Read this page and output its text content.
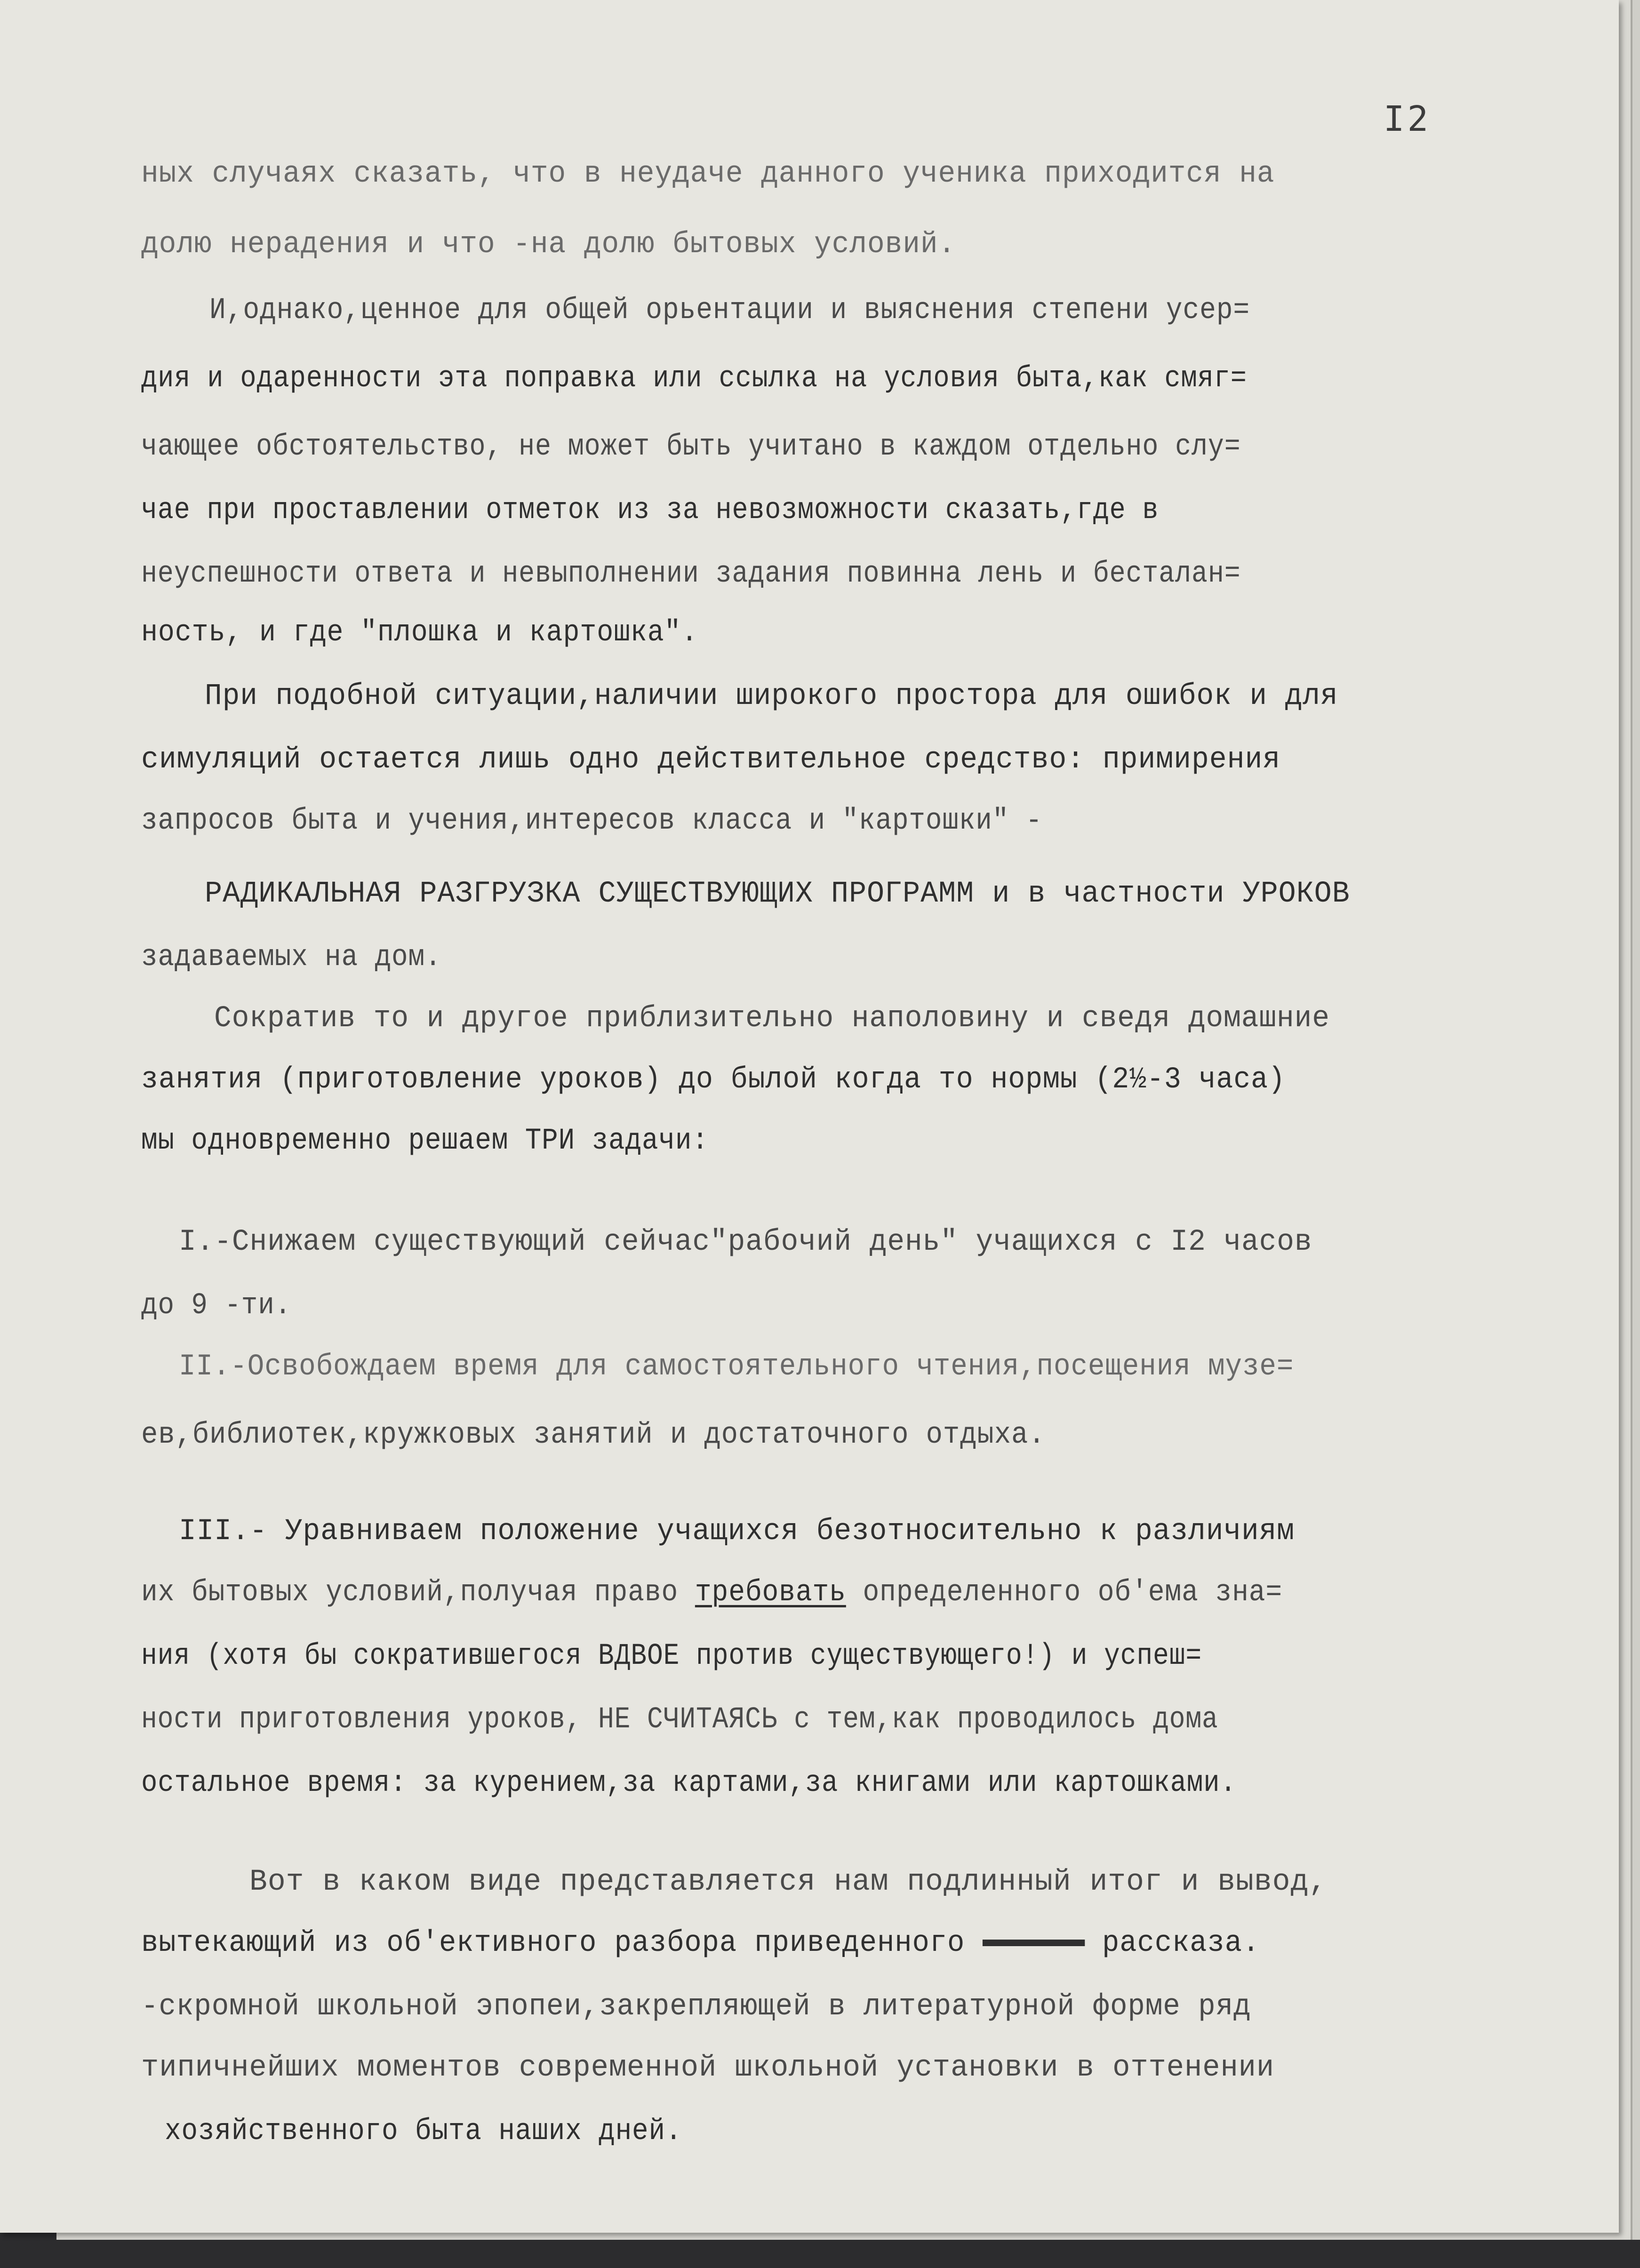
I2
ных случаях сказать, что в неудаче данного ученика приходится на
долю нерадения и что -на долю бытовых условий.
И,однако,ценное для общей орьентации и выяснения степени усер=
дия и одаренности эта поправка или ссылка на условия быта,как смяг=
чающее обстоятельство, не может быть учитано в каждом отдельно слу=
чае при проставлении отметок из за невозможности сказать,где в
неуспешности ответа и невыполнении задания повинна лень и бесталан=
ность, и где "плошка и картошка".
При подобной ситуации,наличии широкого простора для ошибок и для
симуляций остается лишь одно действительное средство: примирения
запросов быта и учения,интересов класса и "картошки" -
РАДИКАЛЬНАЯ РАЗГРУЗКА СУЩЕСТВУЮЩИХ ПРОГРАММ и в частности УРОКОВ
задаваемых на дом.
Сократив то и другое приблизительно наполовину и сведя домашние
занятия (приготовление уроков) до былой когда то нормы (2½-3 часа)
мы одновременно решаем ТРИ задачи:
I.-Снижаем существующий сейчас"рабочий день" учащихся с I2 часов
до 9 -ти.
II.-Освобождаем время для самостоятельного чтения,посещения музе=
ев,библиотек,кружковых занятий и достаточного отдыха.
III.- Уравниваем положение учащихся безотносительно к различиям
их бытовых условий,получая право требовать определенного об'ема зна=
ния (хотя бы сократившегося ВДВОЕ против существующего!) и успеш=
ности приготовления уроков, НЕ СЧИТАЯСЬ с тем,как проводилось дома
остальное время: за курением,за картами,за книгами или картошками.
Вот в каком виде представляется нам подлинный итог и вывод,
вытекающий из об'ективного разбора приведенного	рассказа.
-скромной школьной эпопеи,закрепляющей в литературной форме ряд
типичнейших моментов современной школьной установки в оттенении
хозяйственного быта наших дней.
